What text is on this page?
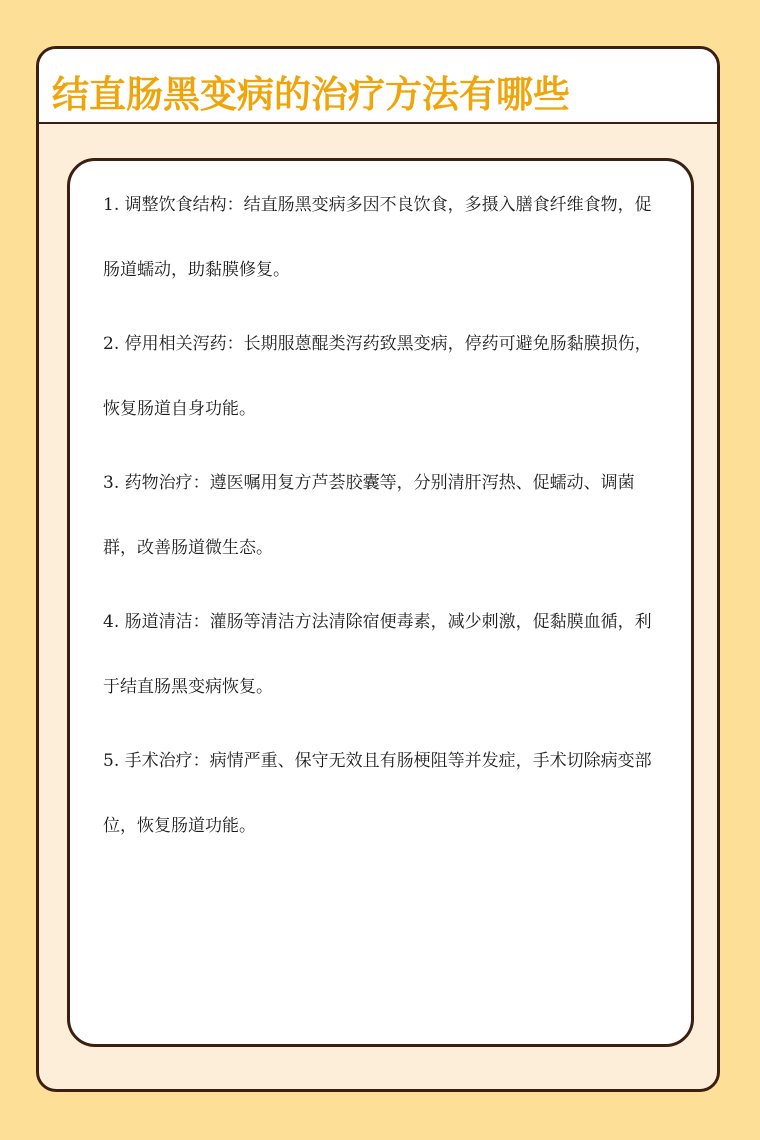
结直肠黑变病的治疗方法有哪些

1. 调整饮食结构：结直肠黑变病多因不良饮食，多摄入膳食纤维食物，促肠道蠕动，助黏膜修复。

2. 停用相关泻药：长期服蒽醌类泻药致黑变病，停药可避免肠黏膜损伤，恢复肠道自身功能。

3. 药物治疗：遵医嘱用复方芦荟胶囊等，分别清肝泻热、促蠕动、调菌群，改善肠道微生态。

4. 肠道清洁：灌肠等清洁方法清除宿便毒素，减少刺激，促黏膜血循，利于结直肠黑变病恢复。

5. 手术治疗：病情严重、保守无效且有肠梗阻等并发症，手术切除病变部位，恢复肠道功能。
